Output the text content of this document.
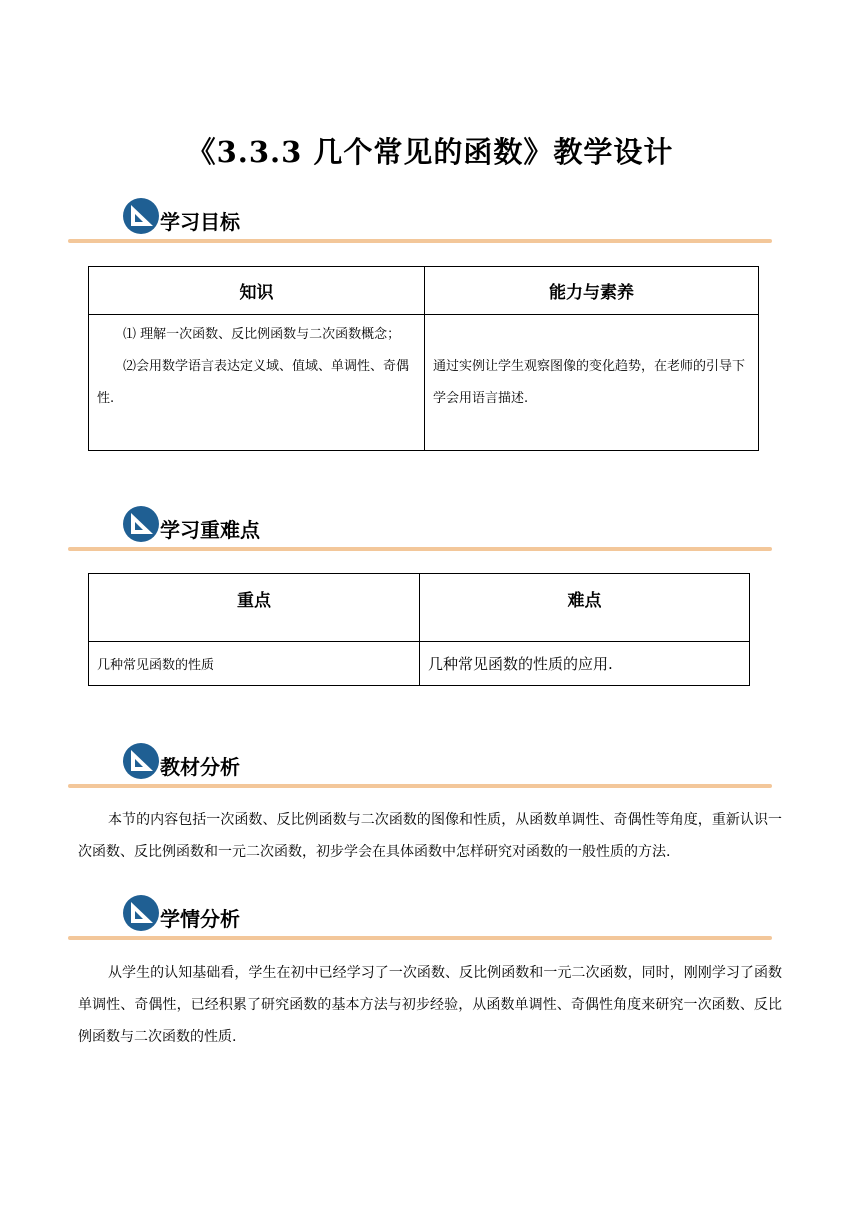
《3.3.3 几个常见的函数》教学设计
学习目标
知识	能力与素养

⑴ 理解一次函数、反比例函数与二次函数概念；

⑵会用数学语言表达定义域、值域、单调性、奇偶性.	通过实例让学生观察图像的变化趋势，在老师的引导下学会用语言描述.

学习重难点
重点	难点
几种常见函数的性质	几种常见函数的性质的应用.
教材分析

本节的内容包括一次函数、反比例函数与二次函数的图像和性质，从函数单调性、奇偶性等角度，重新认识一次函数、反比例函数和一元二次函数，初步学会在具体函数中怎样研究对函数的一般性质的方法.

学情分析

从学生的认知基础看，学生在初中已经学习了一次函数、反比例函数和一元二次函数，同时，刚刚学习了函数单调性、奇偶性，已经积累了研究函数的基本方法与初步经验，从函数单调性、奇偶性角度来研究一次函数、反比例函数与二次函数的性质.
